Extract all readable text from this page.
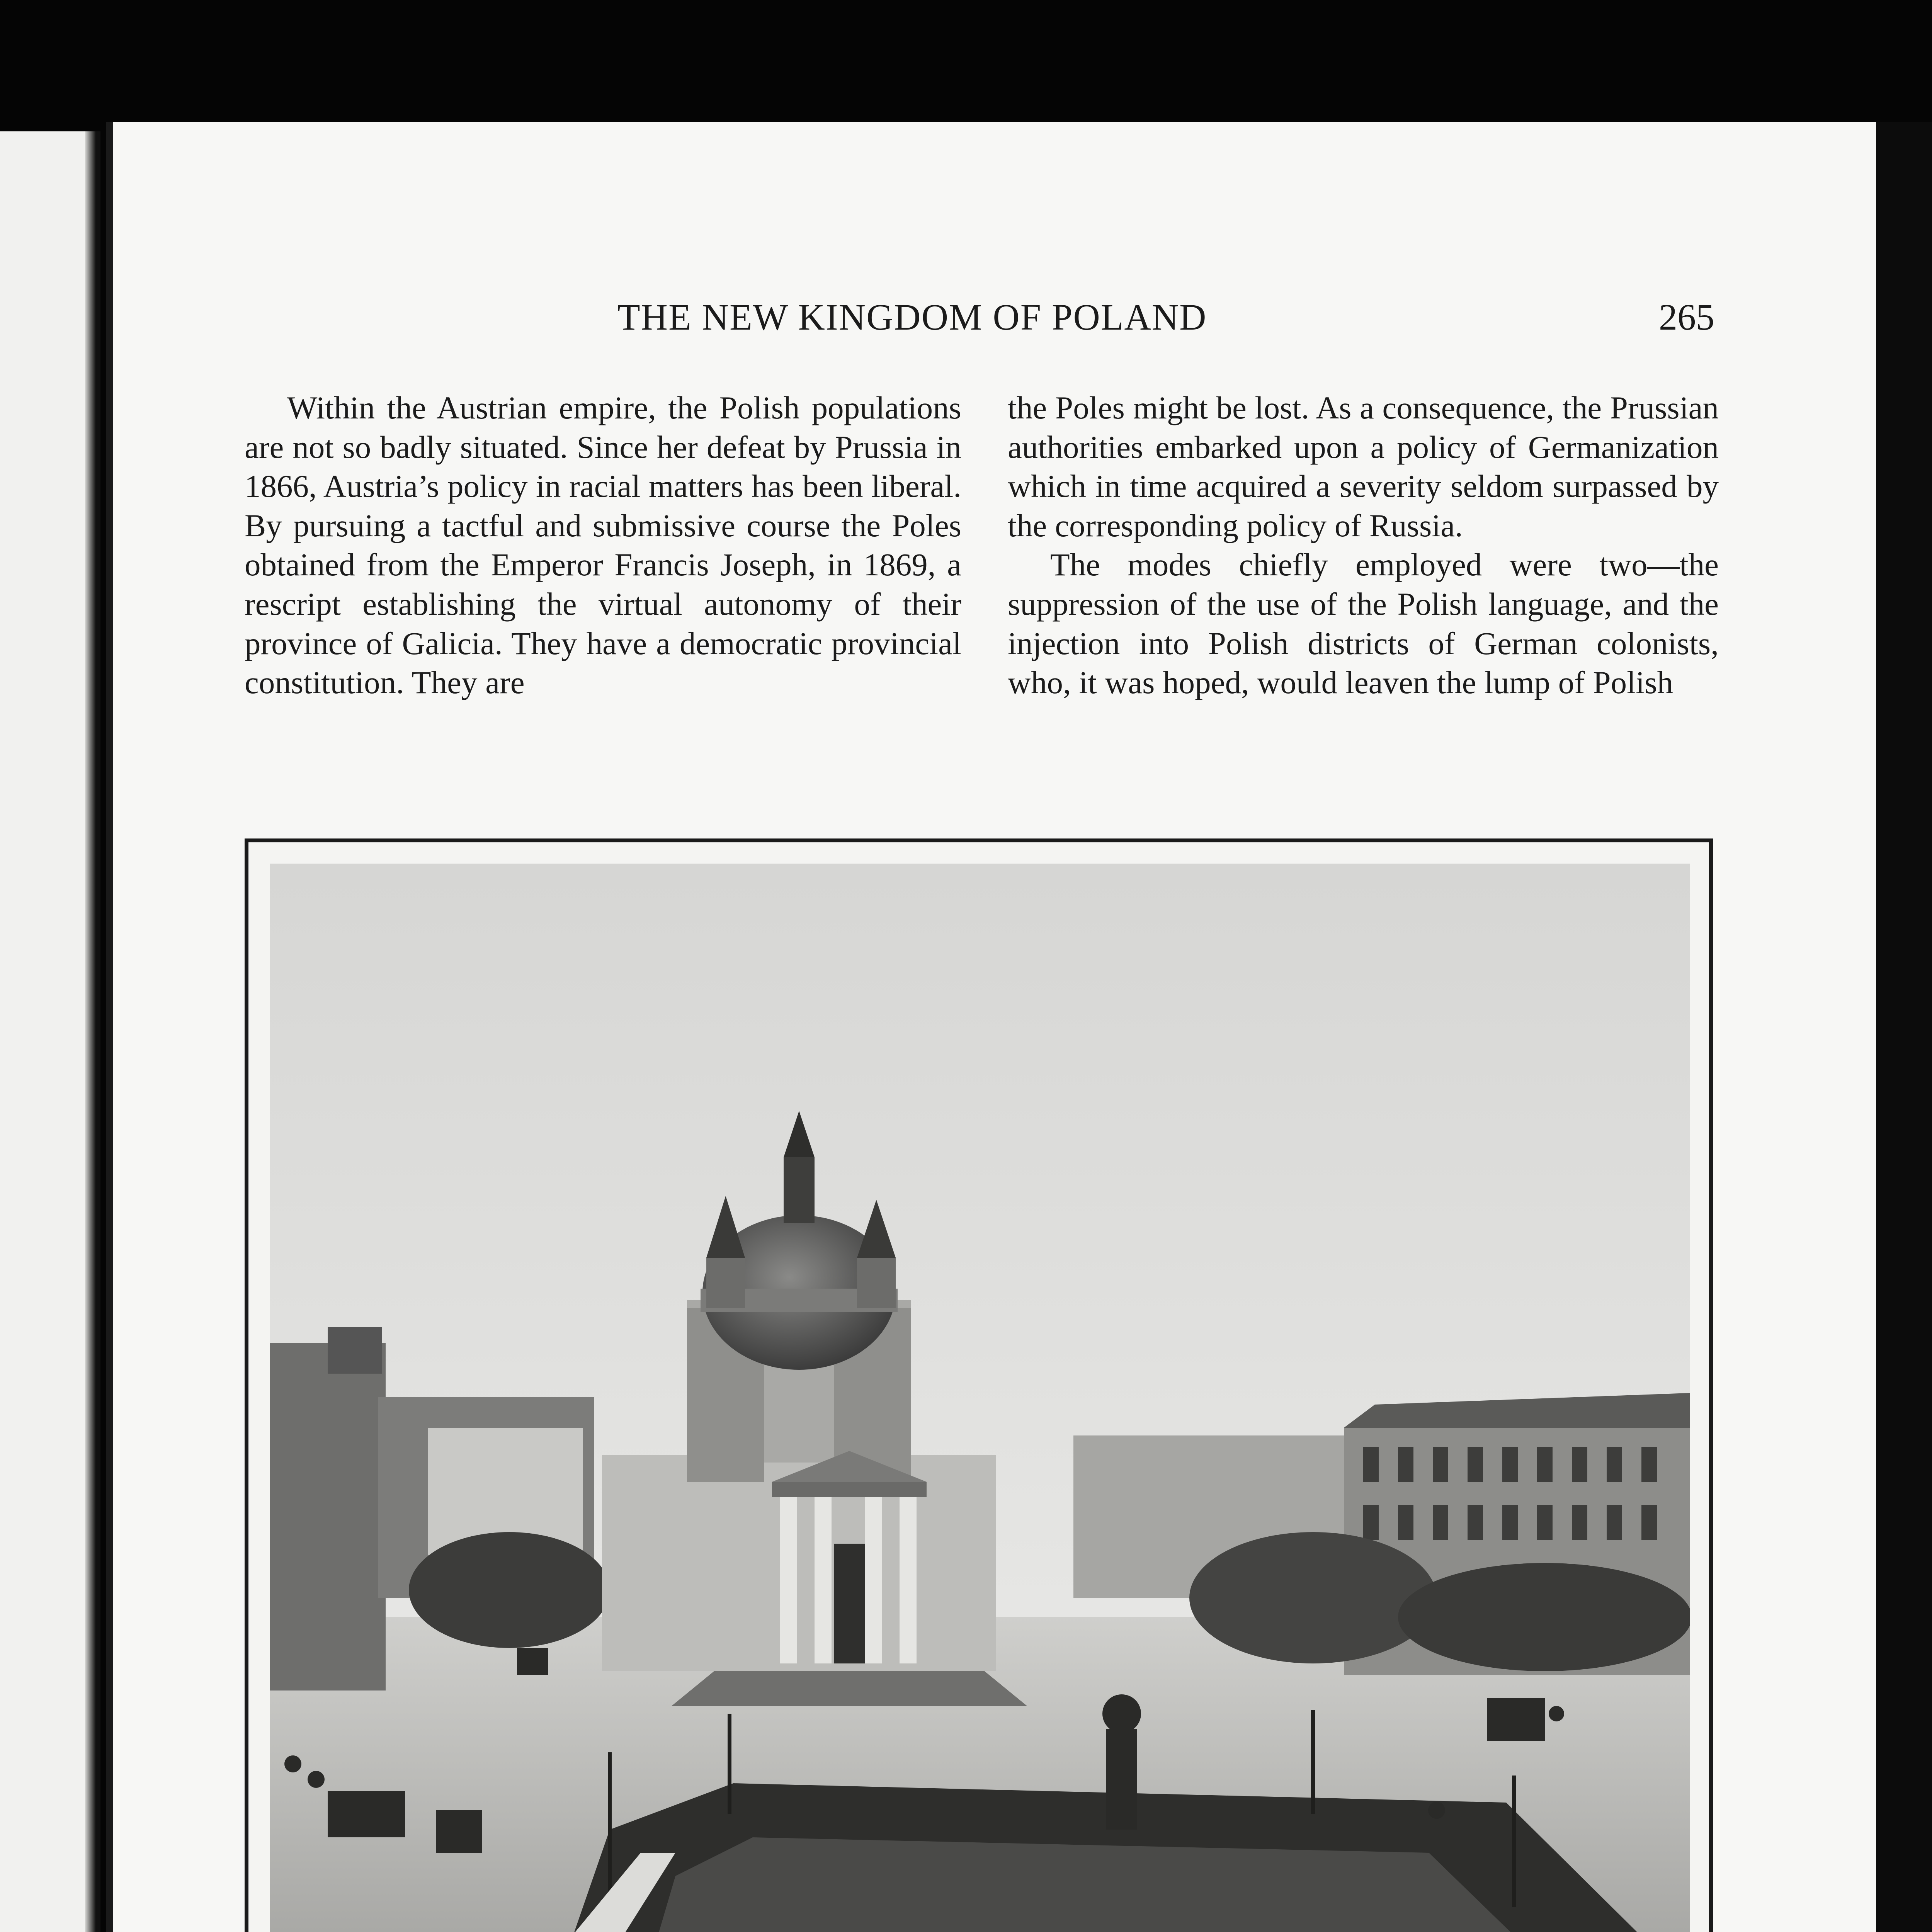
THE NEW KINGDOM OF POLAND	265

Within the Austrian empire, the Polish populations are not so badly situated. Since her defeat by Prussia in 1866, Austria’s policy in racial matters has been liberal. By pursuing a tactful and submissive course the Poles obtained from the Emperor Francis Joseph, in 1869, a rescript establishing the virtual autonomy of their province of Galicia. They have a democratic provincial constitution. They are

the Poles might be lost. As a consequence, the Prussian authorities embarked upon a policy of Germanization which in time acquired a severity seldom surpassed by the corresponding policy of Russia.

The modes chiefly employed were two—the suppression of the use of the Polish language, and the injection into Polish districts of German colonists, who, it was hoped, would leaven the lump of Polish
